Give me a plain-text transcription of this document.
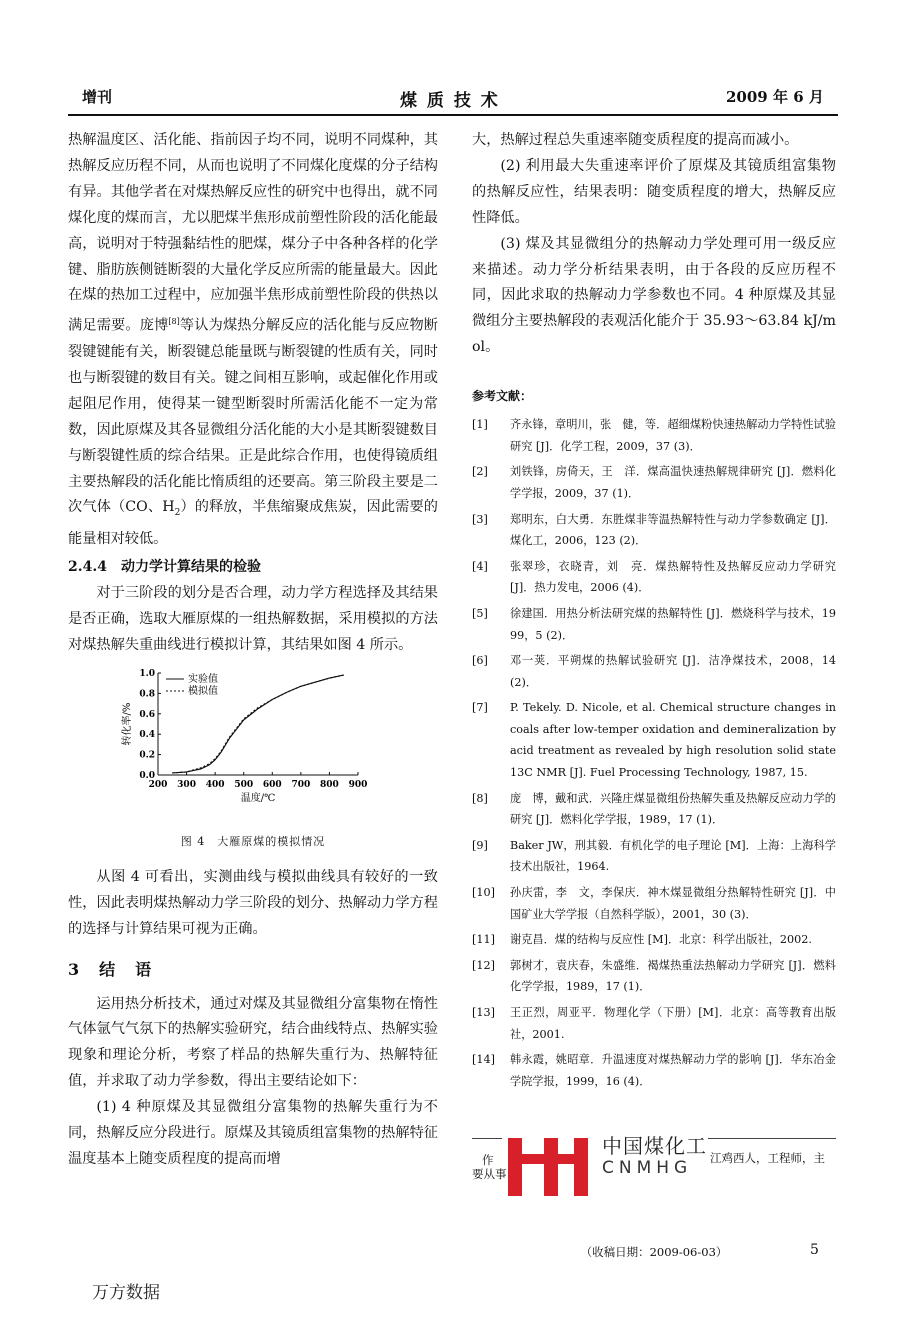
增刊	煤 质 技 术	2009 年 6 月

热解温度区、活化能、指前因子均不同，说明不同煤种，其热解反应历程不同，从而也说明了不同煤化度煤的分子结构有异。其他学者在对煤热解反应性的研究中也得出，就不同煤化度的煤而言，尤以肥煤半焦形成前塑性阶段的活化能最高，说明对于特强黏结性的肥煤，煤分子中各种各样的化学键、脂肪族侧链断裂的大量化学反应所需的能量最大。因此在煤的热加工过程中，应加强半焦形成前塑性阶段的供热以满足需要。庞博[8]等认为煤热分解反应的活化能与反应物断裂键键能有关，断裂键总能量既与断裂键的性质有关，同时也与断裂键的数目有关。键之间相互影响，或起催化作用或起阻尼作用，使得某一键型断裂时所需活化能不一定为常数，因此原煤及其各显微组分活化能的大小是其断裂键数目与断裂键性质的综合结果。正是此综合作用，也使得镜质组主要热解段的活化能比惰质组的还要高。第三阶段主要是二次气体（CO、$H_2$）的释放，半焦缩聚成焦炭，因此需要的能量相对较低。

2.4.4　动力学计算结果的检验

对于三阶段的划分是否合理，动力学方程选择及其结果是否正确，选取大雁原煤的一组热解数据，采用模拟的方法对煤热解失重曲线进行模拟计算，其结果如图 4 所示。

200 300 400 500 600 700 800 900
0.0
0.2
0.4
0.6
0.8
1.0
温度/℃
转化率/%
实验值
模拟值
图 4　大雁原煤的模拟情况

从图 4 可看出，实测曲线与模拟曲线具有较好的一致性，因此表明煤热解动力学三阶段的划分、热解动力学方程的选择与计算结果可视为正确。

3　结　语

运用热分析技术，通过对煤及其显微组分富集物在惰性气体氩气气氛下的热解实验研究，结合曲线特点、热解实验现象和理论分析，考察了样品的热解失重行为、热解特征值，并求取了动力学参数，得出主要结论如下：

(1) 4 种原煤及其显微组分富集物的热解失重行为不同，热解反应分段进行。原煤及其镜质组富集物的热解特征温度基本上随变质程度的提高而增

大，热解过程总失重速率随变质程度的提高而减小。

(2) 利用最大失重速率评价了原煤及其镜质组富集物的热解反应性，结果表明：随变质程度的增大，热解反应性降低。

(3) 煤及其显微组分的热解动力学处理可用一级反应来描述。动力学分析结果表明，由于各段的反应历程不同，因此求取的热解动力学参数也不同。4 种原煤及其显微组分主要热解段的表观活化能介于 35.93～63.84 kJ/mol。

参考文献：
[1]	齐永锋，章明川，张　健，等．超细煤粉快速热解动力学特性试验研究 [J]．化学工程，2009，37 (3)．
[2]	刘铁锋，房倚天，王　洋．煤高温快速热解规律研究 [J]．燃料化学学报，2009，37 (1)．
[3]	郑明东，白大勇．东胜煤非等温热解特性与动力学参数确定 [J]．煤化工，2006，123 (2)．
[4]	张翠珍，衣晓青，刘　亮．煤热解特性及热解反应动力学研究 [J]．热力发电，2006 (4)．
[5]	徐建国．用热分析法研究煤的热解特性 [J]．燃烧科学与技术，1999，5 (2)．
[6]	邓一荚．平朔煤的热解试验研究 [J]．洁净煤技术，2008，14 (2)．
[7]	P. Tekely. D. Nicole, et al. Chemical structure changes in coals after low-temper oxidation and demineralization by acid treatment as revealed by high resolution solid state 13C NMR [J]. Fuel Processing Technology, 1987, 15.
[8]	庞　博，戴和武．兴隆庄煤显微组份热解失重及热解反应动力学的研究 [J]．燃料化学学报，1989，17 (1)．
[9]	Baker JW，刑其毅．有机化学的电子理论 [M]．上海：上海科学技术出版社，1964.
[10]	孙庆雷，李　文，李保庆．神木煤显微组分热解特性研究 [J]．中国矿业大学学报（自然科学版），2001，30 (3)．
[11]	谢克昌．煤的结构与反应性 [M]．北京：科学出版社，2002.
[12]	郭树才，袁庆春，朱盛维．褐煤热重法热解动力学研究 [J]．燃料化学学报，1989，17 (1)．
[13]	王正烈，周亚平．物理化学（下册）[M]．北京：高等教育出版社，2001.
[14]	韩永霞，姚昭章．升温速度对煤热解动力学的影响 [J]．华东冶金学院学报，1999，16 (4)．
中国煤化工
CNMHG
作	江鸡西人，工程师，主
要从事
（收稿日期：2009-06-03）	5
万方数据
